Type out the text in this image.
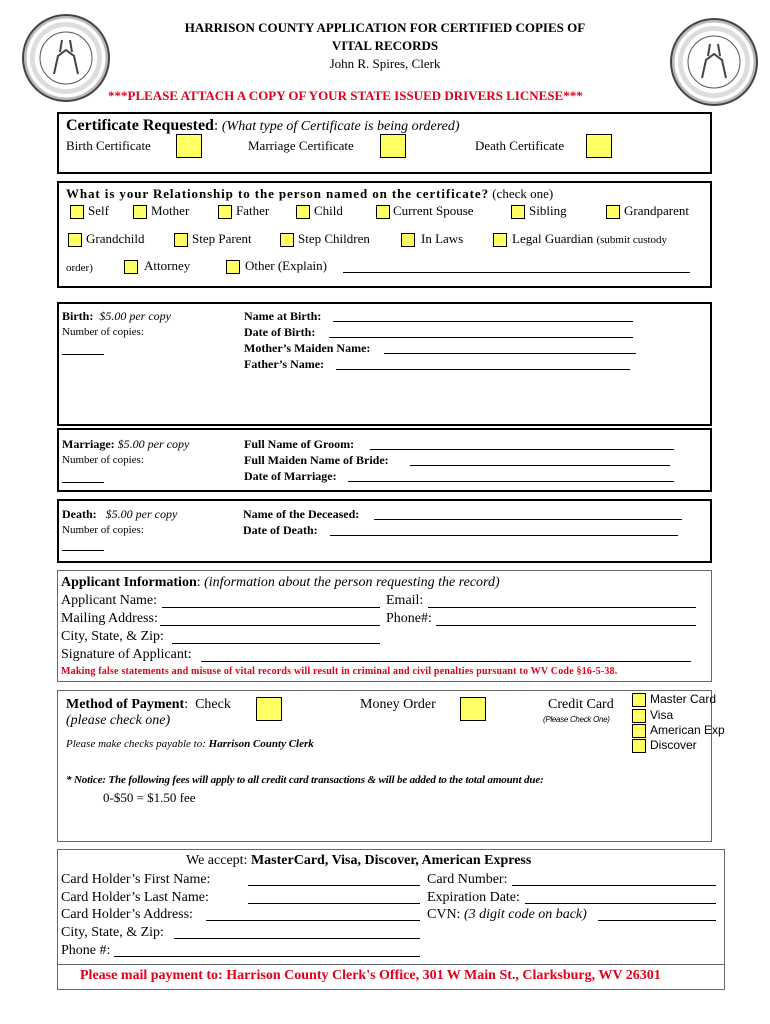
HARRISON COUNTY APPLICATION FOR CERTIFIED COPIES OF
VITAL RECORDS
John R. Spires, Clerk
***PLEASE ATTACH A COPY OF YOUR STATE ISSUED DRIVERS LICNESE***
Certificate Requested: (What type of Certificate is being ordered)
Birth Certificate	Marriage Certificate	Death Certificate
What is your Relationship to the person named on the certificate? (check one)
Self	Mother	Father	Child	Current Spouse	Sibling	Grandparent
Grandchild	Step Parent	Step Children	In Laws	Legal Guardian (submit custody
order)	Attorney	Other (Explain)
Birth: $5.00 per copy
Number of copies:
Name at Birth:
Date of Birth:
Mother’s Maiden Name:
Father’s Name:
Marriage: $5.00 per copy
Number of copies:
Full Name of Groom:
Full Maiden Name of Bride:
Date of Marriage:
Death: $5.00 per copy
Number of copies:
Name of the Deceased:
Date of Death:
Applicant Information: (information about the person requesting the record)
Applicant Name:	Email:
Mailing Address:	Phone#:
City, State, & Zip:
Signature of Applicant:
Making false statements and misuse of vital records will result in criminal and civil penalties pursuant to WV Code §16-5-38.
Method of Payment:  Check
(please check one)
Money Order	Credit Card
(Please Check One)
Master Card
Visa
American Exp
Discover
Please make checks payable to: Harrison County Clerk
* Notice: The following fees will apply to all credit card transactions & will be added to the total amount due:
0-$50 = $1.50 fee
We accept: MasterCard, Visa, Discover, American Express
Card Holder’s First Name:	Card Number:
Card Holder’s Last Name:	Expiration Date:
Card Holder’s Address:	CVN: (3 digit code on back)
City, State, & Zip:
Phone #:
Please mail payment to: Harrison County Clerk's Office, 301 W Main St., Clarksburg, WV 26301
